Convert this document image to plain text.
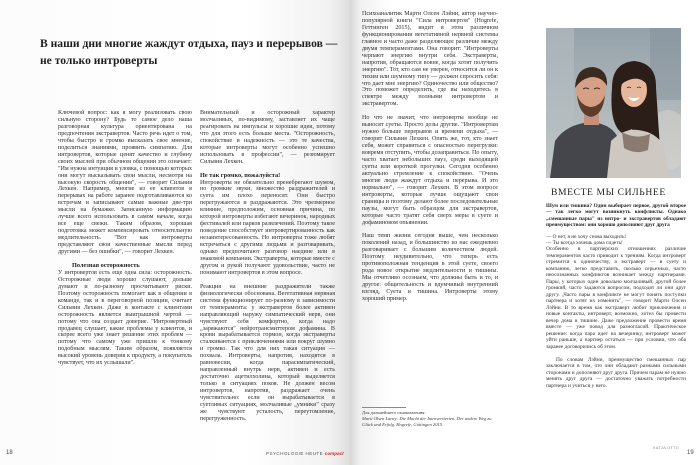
В наши дни многие жаждут отдыха, пауз и перерывов — не только интроверты

Ключевой вопрос: как я могу реализовать свою сильную сторону? Будь то самое дело наша разговорная культура ориентирована на предпочтения экстравертов. Часто речь идет о том, чтобы быстро и громко высказать свое мнение, поделиться знаниями, проявить симпатию. Для интровертов, которые ценят качество и глубину своих мыслей при обычном общении это означает: "Им нужна интуиция и уловка, с помощью которых они могут высказывать свои мысли, несмотря на высокую скорость общения", — говорит Сильвия Лехкен. Например, многие из ее клиентов в перерывах на работе заранее подготавливаются ко встречам и записывают самые важные две-три мысли на бумажке. Записанную информацию лучше всего использовать в самом начале, когда все еще свежи. Таким образом, хорошая подготовка может компенсировать относительную медлительность. "Вот как интроверты представляют свои качественные мысли перед другими — без ошибки", — говорит Лехкен.

Полезная осторожность

У интровертов есть еще одна сила: осторожность. Осторожные люди хорошо слушают, дольше думают и по-разному просчитывают риски. Поэтому осторожность помогает как в общении в команде, так и в переговорной позиции, считает Сильвия Лехкен. Даже в контакте с клиентами осторожность является выигрышной чертой — потому что она создает доверие. "Интровертный продавец слушает, какие проблемы у клиентов, и скорее всего уже знает решение этих проблем — потому что самому уже пришли к тонкому подобным мыслям. Таким образом, появляется высокий уровень доверия к продукту, а покупатель чувствует, что их услышали".

Внимательный и осторожный характер молчаливых, по-видимому, заставляет их чаще реагировать на импульсы и хорошие идеи, потому что для этого есть больше места. "Осторожность, спокойствие и надежность — это те качества, которые интроверты могут особенно успешно использовать в профессии", — резюмирует Сильвия Лехкен.

Не так громко, пожалуйста!

Интроверты не обязательно пренебрегают шумом, но громкие звуки, множество раздражителей и суета им плохо переносят. Они быстро перегружаются и раздражаются. Это чрезмерное влияние, предположим, основная причина, по которой интроверты избегают вечеринок, народных фестивалей или парков развлечений. Поэтому такое поведение способствует интровертированность как незаинтересованность. Но интроверты тоже любят встречаться с другими людьми и разговаривать, однако предпочитают разговор наедине или в знакомой компании. Экстраверты, которые вместе с другом и рукой получают удовольствие, часто не понимают интровертов в этом вопросе.

Реакция на внешние раздражители также физиологически обоснована. Вегетативная нервная система функционирует по-разному в зависимости от темперамента: у экстравертов более активен направляющий наружу симпатический нерв, они чувствуют себя комфортно, когда надо „заряжаются" нейротрансмиттером дофамина. В крови вырабатывается гормон, когда экстраверты сталкиваются с приключениями или вокруг шумно и громко. Так что для них такая ситуация — похвала. Интроверты, напротив, находятся в равновесии, когда парасимпатический, направленный внутрь нерв, активен и есть достаточно ацетилхолина, который выделяется только в ситуациях покоя. Не должен весом интровертов, напротив, раздражает очень чувствительно: если он вырабатывается в суетливых ситуациях, молчаливые „умники" сразу же чувствуют усталость, переутомление, перегруженность.

18	PSYCHOLOGIE HEUTE compact

Психоаналитик Марти Олсен Лэйни, автор научно-популярной книги "Сила интровертов" (Hogrefe, Геттинген 2015), видит в этом различном функционировании вегетативной нервной системы главное и часто даже разделяющее различие между двумя темпераментами. Она говорит: "Интроверты черпают энергию внутри себя. Экстраверты, напротив, обращаются вовне, когда хотят получить энергию". Тот, кто сам не уверен, относится ли он к тихим или шумному типу — должен спросить себя: что дает мне энергию? Одиночество или общество? Это поможет определить, где вы находитесь в спектре между полными интровертом и экстравертом.

Но что не значит, что интроверты вообще не выносят суеты. Просто дозы другие. "Интровертам нужно больше перерывов и времени отдыха", — говорит Сильвия Лехкен. Опять же, тот, кто знает себя, может справиться с опасностью перегрузки: вовремя отступить, чтобы дозаправиться. По опыту, часто хватает небольших пауз, среди выходящей суеты или короткой прогулки. Сегодня особенно актуально стремление к спокойствию. "Очень многие люди жаждут отдыха и перерыва. И это нормально", — говорит Лехкен. В этом вопросе интроверты, которые лучше ощущают свои границы и поэтому делают более последовательные паузы, могут быть образцом для экстравертов, которые часто тратят себя сверх меры в суете и дофаминовом опьянении.

Наш темп жизни сегодня выше, чем несколько поколений назад, и большинство из нас ежедневно разговаривает с большим количеством людей. Поэтому неудивительно, что теперь есть противоположная тенденция в этой суете, своего рода новое открытие медлительности и тишины. Мы отчетливо осознаем, что должны быть и то, и другое: общительность и вдумчивый внутренний взгляд, Суета и тишина. Интроверты этому хороший пример.

Для дальнейшего ознакомления:
Marti Olsen Laney: Die Macht der Introvertierten. Der andere Weg zu Glück und Erfolg. Hogrefe, Göttingen 2015.
ВМЕСТЕ МЫ СИЛЬНЕЕ

Шум или тишина? Один выбирает первое, другой второе — так легко могут возникнуть конфликты. Однако „смешанные пары" из интро- и экстравертов обладают преимуществом: они хорошо дополняют друг друга

— О нет, я не хочу снова выходить!

— Ты всегда хочешь дома сидеть!

Особенно в партнерских отношениях различие темпераментов часто приводит к трениям. Когда интроверт стремится к одиночеству, а экстраверт — в суету и компанию, легко представить, сколько серьезных, часто неосознанных конфликтов возникает между партнерами. Пары, у которых один довольно молчаливый, другой более громкий, часто задаются вопросом, подходят ли они друг другу. „Часто пары в конфликте не могут понять поступки партнера и хотят их изменить", — говорит Марти Олсен Лэйни. В то время как экстраверт любит приключения и новые контакты, интроверт, возможно, хотел бы провести вечер дома в тишине. Даже предложение провести время вместе — уже повод для разногласий. Практическое решение: когда пара идет на вечеринку, интроверт может уйти раньше, а партнер остаться — при условии, что оба заранее договорились об этом.

По словам Лэйни, преимущество смешанных пар заключается в том, что они обладают разными сильными сторонами и дополняют друг друга. Причем парам не нужно менять друг друга — достаточно уважать потребности партнера и учиться у него.

KATJA OTTO
19
